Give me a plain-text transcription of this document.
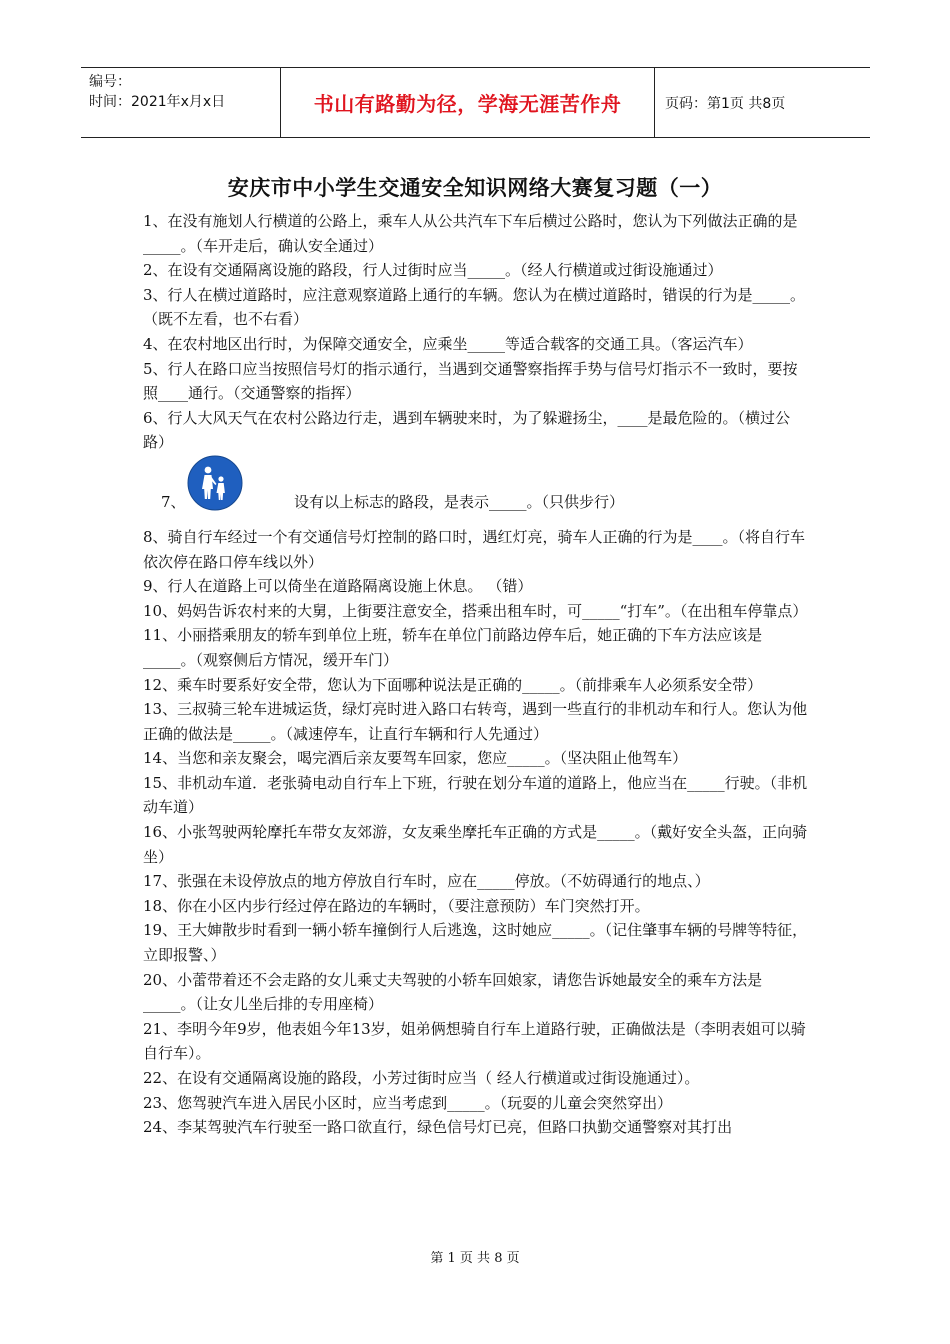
编号：
时间：2021年x月x日	书山有路勤为径，学海无涯苦作舟	页码：第1页 共8页
安庆市中小学生交通安全知识网络大赛复习题（一）

1、在没有施划人行横道的公路上，乘车人从公共汽车下车后横过公路时，您认为下列做法正确的是_____。（车开走后，确认安全通过）

2、在设有交通隔离设施的路段，行人过街时应当_____。（经人行横道或过街设施通过）

3、行人在横过道路时，应注意观察道路上通行的车辆。您认为在横过道路时，错误的行为是_____。（既不左看，也不右看）

4、在农村地区出行时，为保障交通安全，应乘坐_____等适合载客的交通工具。（客运汽车）

5、行人在路口应当按照信号灯的指示通行，当遇到交通警察指挥手势与信号灯指示不一致时，要按照____通行。（交通警察的指挥）

6、行人大风天气在农村公路边行走，遇到车辆驶来时，为了躲避扬尘，____是最危险的。（横过公路）

7、	设有以上标志的路段，是表示_____。（只供步行）

8、骑自行车经过一个有交通信号灯控制的路口时，遇红灯亮，骑车人正确的行为是____。（将自行车依次停在路口停车线以外）

9、行人在道路上可以倚坐在道路隔离设施上休息。 （错）

10、妈妈告诉农村来的大舅，上街要注意安全，搭乘出租车时，可_____“打车”。（在出租车停靠点）

11、小丽搭乘朋友的轿车到单位上班，轿车在单位门前路边停车后，她正确的下车方法应该是_____。（观察侧后方情况，缓开车门）

12、乘车时要系好安全带，您认为下面哪种说法是正确的_____。（前排乘车人必须系安全带）

13、三叔骑三轮车进城运货，绿灯亮时进入路口右转弯，遇到一些直行的非机动车和行人。您认为他正确的做法是_____。（减速停车，让直行车辆和行人先通过）

14、当您和亲友聚会，喝完酒后亲友要驾车回家，您应_____。（坚决阻止他驾车）

15、非机动车道．老张骑电动自行车上下班，行驶在划分车道的道路上，他应当在_____行驶。（非机动车道）

16、小张驾驶两轮摩托车带女友郊游，女友乘坐摩托车正确的方式是_____。（戴好安全头盔，正向骑坐）

17、张强在未设停放点的地方停放自行车时，应在_____停放。（不妨碍通行的地点、）

18、你在小区内步行经过停在路边的车辆时，（要注意预防）车门突然打开。

19、王大婶散步时看到一辆小轿车撞倒行人后逃逸，这时她应_____。（记住肇事车辆的号牌等特征，立即报警、）

20、小蕾带着还不会走路的女儿乘丈夫驾驶的小轿车回娘家，请您告诉她最安全的乘车方法是_____。（让女儿坐后排的专用座椅）

21、李明今年9岁，他表姐今年13岁，姐弟俩想骑自行车上道路行驶，正确做法是（李明表姐可以骑自行车）。

22、在设有交通隔离设施的路段，小芳过街时应当（ 经人行横道或过街设施通过）。

23、您驾驶汽车进入居民小区时，应当考虑到_____。（玩耍的儿童会突然穿出）

24、李某驾驶汽车行驶至一路口欲直行，绿色信号灯已亮，但路口执勤交通警察对其打出

第 1 页 共 8 页
